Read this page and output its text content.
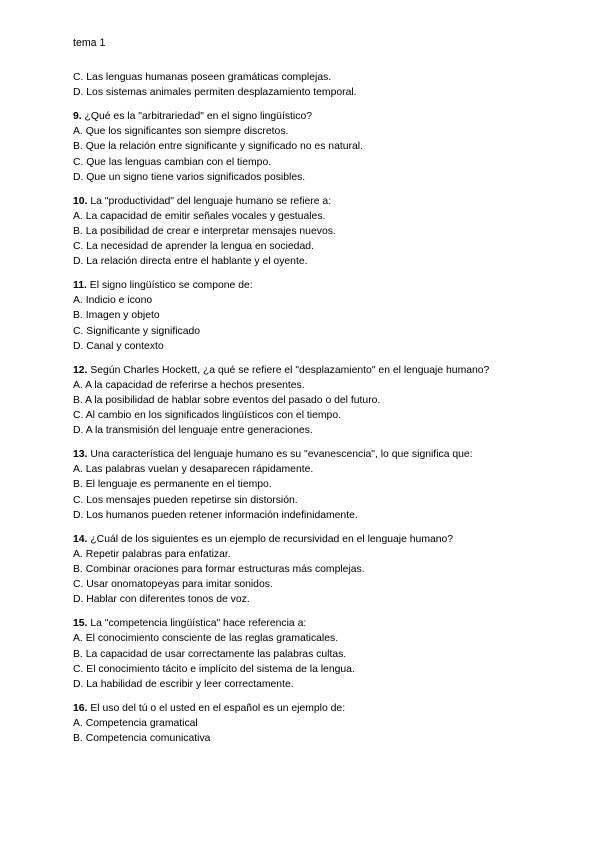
tema 1
C. Las lenguas humanas poseen gramáticas complejas.
D. Los sistemas animales permiten desplazamiento temporal.
9. ¿Qué es la "arbitrariedad" en el signo lingüístico?
A. Que los significantes son siempre discretos.
B. Que la relación entre significante y significado no es natural.
C. Que las lenguas cambian con el tiempo.
D. Que un signo tiene varios significados posibles.
10. La "productividad" del lenguaje humano se refiere a:
A. La capacidad de emitir señales vocales y gestuales.
B. La posibilidad de crear e interpretar mensajes nuevos.
C. La necesidad de aprender la lengua en sociedad.
D. La relación directa entre el hablante y el oyente.
11. El signo lingüístico se compone de:
A. Indicio e icono
B. Imagen y objeto
C. Significante y significado
D. Canal y contexto
12. Según Charles Hockett, ¿a qué se refiere el "desplazamiento" en el lenguaje humano?
A. A la capacidad de referirse a hechos presentes.
B. A la posibilidad de hablar sobre eventos del pasado o del futuro.
C. Al cambio en los significados lingüísticos con el tiempo.
D. A la transmisión del lenguaje entre generaciones.
13. Una característica del lenguaje humano es su "evanescencia", lo que significa que:
A. Las palabras vuelan y desaparecen rápidamente.
B. El lenguaje es permanente en el tiempo.
C. Los mensajes pueden repetirse sin distorsión.
D. Los humanos pueden retener información indefinidamente.
14. ¿Cuál de los siguientes es un ejemplo de recursividad en el lenguaje humano?
A. Repetir palabras para enfatizar.
B. Combinar oraciones para formar estructuras más complejas.
C. Usar onomatopeyas para imitar sonidos.
D. Hablar con diferentes tonos de voz.
15. La "competencia lingüística" hace referencia a:
A. El conocimiento consciente de las reglas gramaticales.
B. La capacidad de usar correctamente las palabras cultas.
C. El conocimiento tácito e implícito del sistema de la lengua.
D. La habilidad de escribir y leer correctamente.
16. El uso del tú o el usted en el español es un ejemplo de:
A. Competencia gramatical
B. Competencia comunicativa
